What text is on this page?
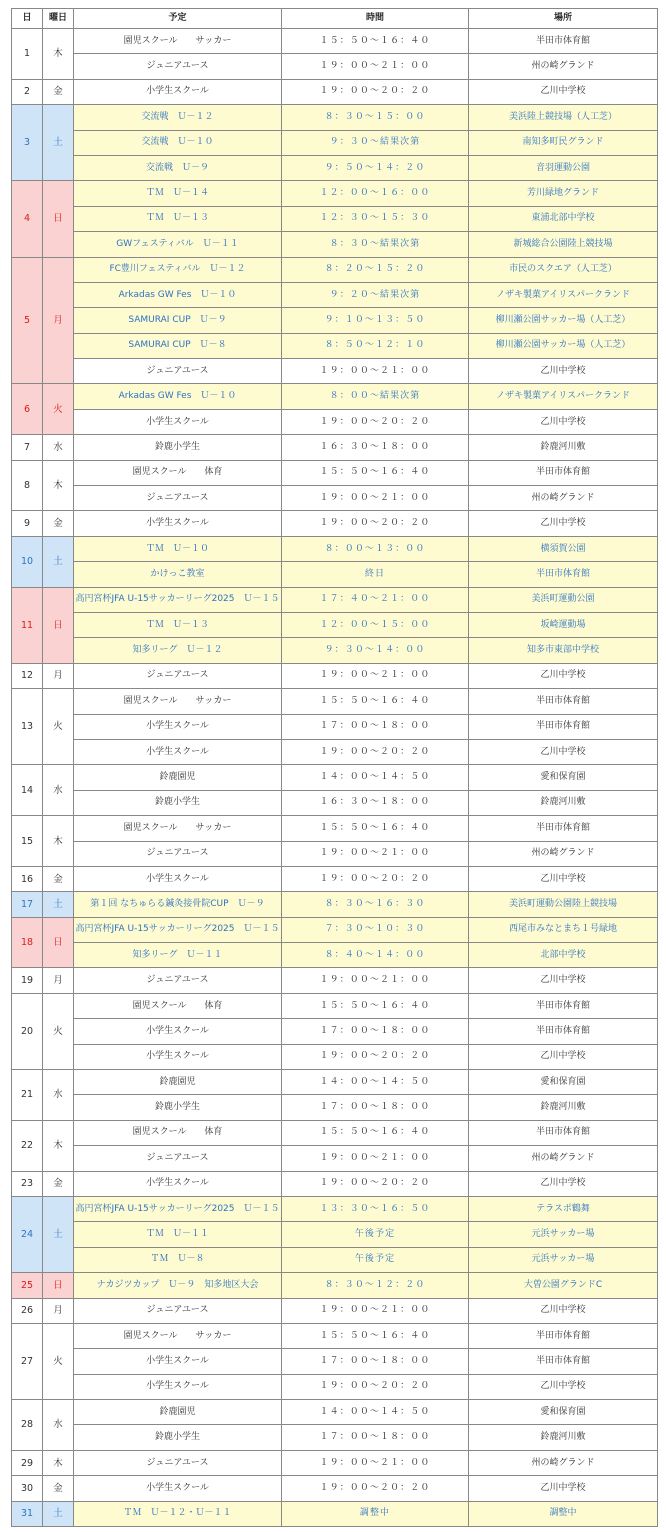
日	曜日	予定	時間	場所
1	木	園児スクール　　サッカー	１５：５０〜１６：４０	半田市体育館
		ジュニアユース	１９：００〜２１：００	州の崎グランド
2	金	小学生スクール	１９：００〜２０：２０	乙川中学校
3	土	交流戦　Ｕ－１２	８：３０〜１５：００	美浜陸上競技場（人工芝）
		交流戦　Ｕ－１０	９：３０〜結果次第	南知多町民グランド
		交流戦　Ｕ－９	９：５０〜１４：２０	音羽運動公園
4	日	ＴＭ　Ｕ－１４	１２：００〜１６：００	芳川緑地グランド
		ＴＭ　Ｕ－１３	１２：３０〜１５：３０	東浦北部中学校
		GWフェスティバル　Ｕ－１１	８：３０〜結果次第	新城総合公園陸上競技場
5	月	FC豊川フェスティバル　Ｕ－１２	８：２０〜１５：２０	市民のスクエア（人工芝）
		Arkadas GW Fes　Ｕ－１０	９：２０〜結果次第	ノザキ製菓アイリスパークランド
		SAMURAI CUP　Ｕ－９	９：１０〜１３：５０	柳川瀬公園サッカー場（人工芝）
		SAMURAI CUP　Ｕ－８	８：５０〜１２：１０	柳川瀬公園サッカー場（人工芝）
		ジュニアユース	１９：００〜２１：００	乙川中学校
6	火	Arkadas GW Fes　Ｕ－１０	８：００〜結果次第	ノザキ製菓アイリスパークランド
		小学生スクール	１９：００〜２０：２０	乙川中学校
7	水	鈴鹿小学生	１６：３０〜１８：００	鈴鹿河川敷
8	木	園児スクール　　体育	１５：５０〜１６：４０	半田市体育館
		ジュニアユース	１９：００〜２１：００	州の崎グランド
9	金	小学生スクール	１９：００〜２０：２０	乙川中学校
10	土	ＴＭ　Ｕ－１０	８：００〜１３：００	横須賀公園
		かけっこ教室	終日	半田市体育館
11	日	高円宮杯JFA U-15サッカーリーグ2025　Ｕ－１５	１７：４０〜２１：００	美浜町運動公園
		ＴＭ　Ｕ－１３	１２：００〜１５：００	坂崎運動場
		知多リーグ　Ｕ－１２	９：３０〜１４：００	知多市東部中学校
12	月	ジュニアユース	１９：００〜２１：００	乙川中学校
13	火	園児スクール　　サッカー	１５：５０〜１６：４０	半田市体育館
		小学生スクール	１７：００〜１８：００	半田市体育館
		小学生スクール	１９：００〜２０：２０	乙川中学校
14	水	鈴鹿園児	１４：００〜１４：５０	愛和保育園
		鈴鹿小学生	１６：３０〜１８：００	鈴鹿河川敷
15	木	園児スクール　　サッカー	１５：５０〜１６：４０	半田市体育館
		ジュニアユース	１９：００〜２１：００	州の崎グランド
16	金	小学生スクール	１９：００〜２０：２０	乙川中学校
17	土	第１回 なちゅらる鍼灸接骨院CUP　Ｕ－９	８：３０〜１６：３０	美浜町運動公園陸上競技場
18	日	高円宮杯JFA U-15サッカーリーグ2025　Ｕ－１５	７：３０〜１０：３０	西尾市みなとまち１号緑地
		知多リーグ　Ｕ－１１	８：４０〜１４：００	北部中学校
19	月	ジュニアユース	１９：００〜２１：００	乙川中学校
20	火	園児スクール　　体育	１５：５０〜１６：４０	半田市体育館
		小学生スクール	１７：００〜１８：００	半田市体育館
		小学生スクール	１９：００〜２０：２０	乙川中学校
21	水	鈴鹿園児	１４：００〜１４：５０	愛和保育園
		鈴鹿小学生	１７：００〜１８：００	鈴鹿河川敷
22	木	園児スクール　　体育	１５：５０〜１６：４０	半田市体育館
		ジュニアユース	１９：００〜２１：００	州の崎グランド
23	金	小学生スクール	１９：００〜２０：２０	乙川中学校
24	土	高円宮杯JFA U-15サッカーリーグ2025　Ｕ－１５	１３：３０〜１６：５０	テラスポ鶴舞
		ＴＭ　Ｕ－１１	午後予定	元浜サッカー場
		ＴＭ　Ｕ－８	午後予定	元浜サッカー場
25	日	ナカジツカップ　Ｕ－９　知多地区大会	８：３０〜１２：２０	大曽公園グランドC
26	月	ジュニアユース	１９：００〜２１：００	乙川中学校
27	火	園児スクール　　サッカー	１５：５０〜１６：４０	半田市体育館
		小学生スクール	１７：００〜１８：００	半田市体育館
		小学生スクール	１９：００〜２０：２０	乙川中学校
28	水	鈴鹿園児	１４：００〜１４：５０	愛和保育園
		鈴鹿小学生	１７：００〜１８：００	鈴鹿河川敷
29	木	ジュニアユース	１９：００〜２１：００	州の崎グランド
30	金	小学生スクール	１９：００〜２０：２０	乙川中学校
31	土	ＴＭ　Ｕ－１２・Ｕ－１１	調整中	調整中
